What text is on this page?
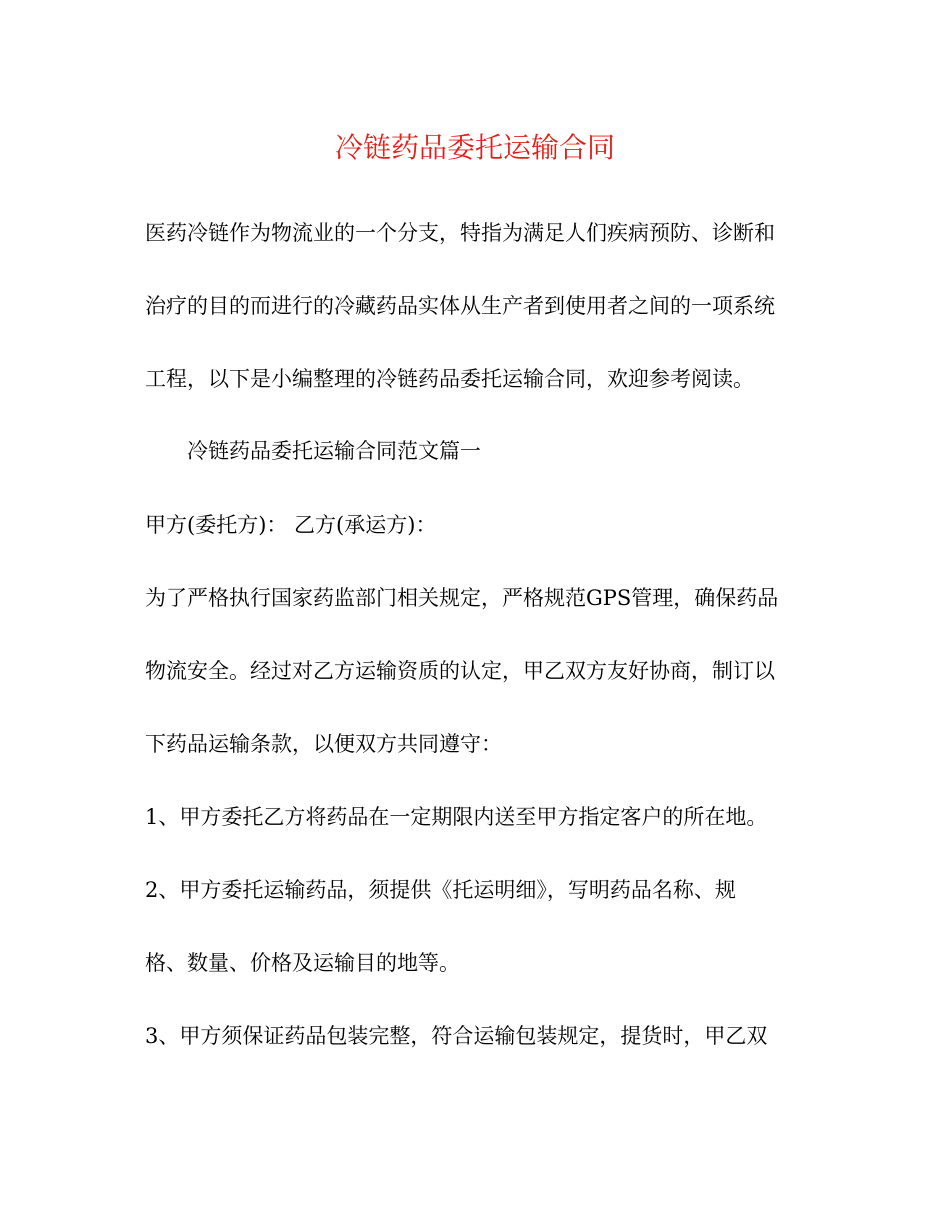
冷链药品委托运输合同
医药冷链作为物流业的一个分支，特指为满足人们疾病预防、诊断和
治疗的目的而进行的冷藏药品实体从生产者到使用者之间的一项系统
工程，以下是小编整理的冷链药品委托运输合同，欢迎参考阅读。
冷链药品委托运输合同范文篇一
甲方(委托方)： 乙方(承运方)：
为了严格执行国家药监部门相关规定，严格规范GPS管理，确保药品
物流安全。经过对乙方运输资质的认定，甲乙双方友好协商，制订以
下药品运输条款，以便双方共同遵守：
1、甲方委托乙方将药品在一定期限内送至甲方指定客户的所在地。
2、甲方委托运输药品，须提供《托运明细》，写明药品名称、规
格、数量、价格及运输目的地等。
3、甲方须保证药品包装完整，符合运输包装规定，提货时，甲乙双
